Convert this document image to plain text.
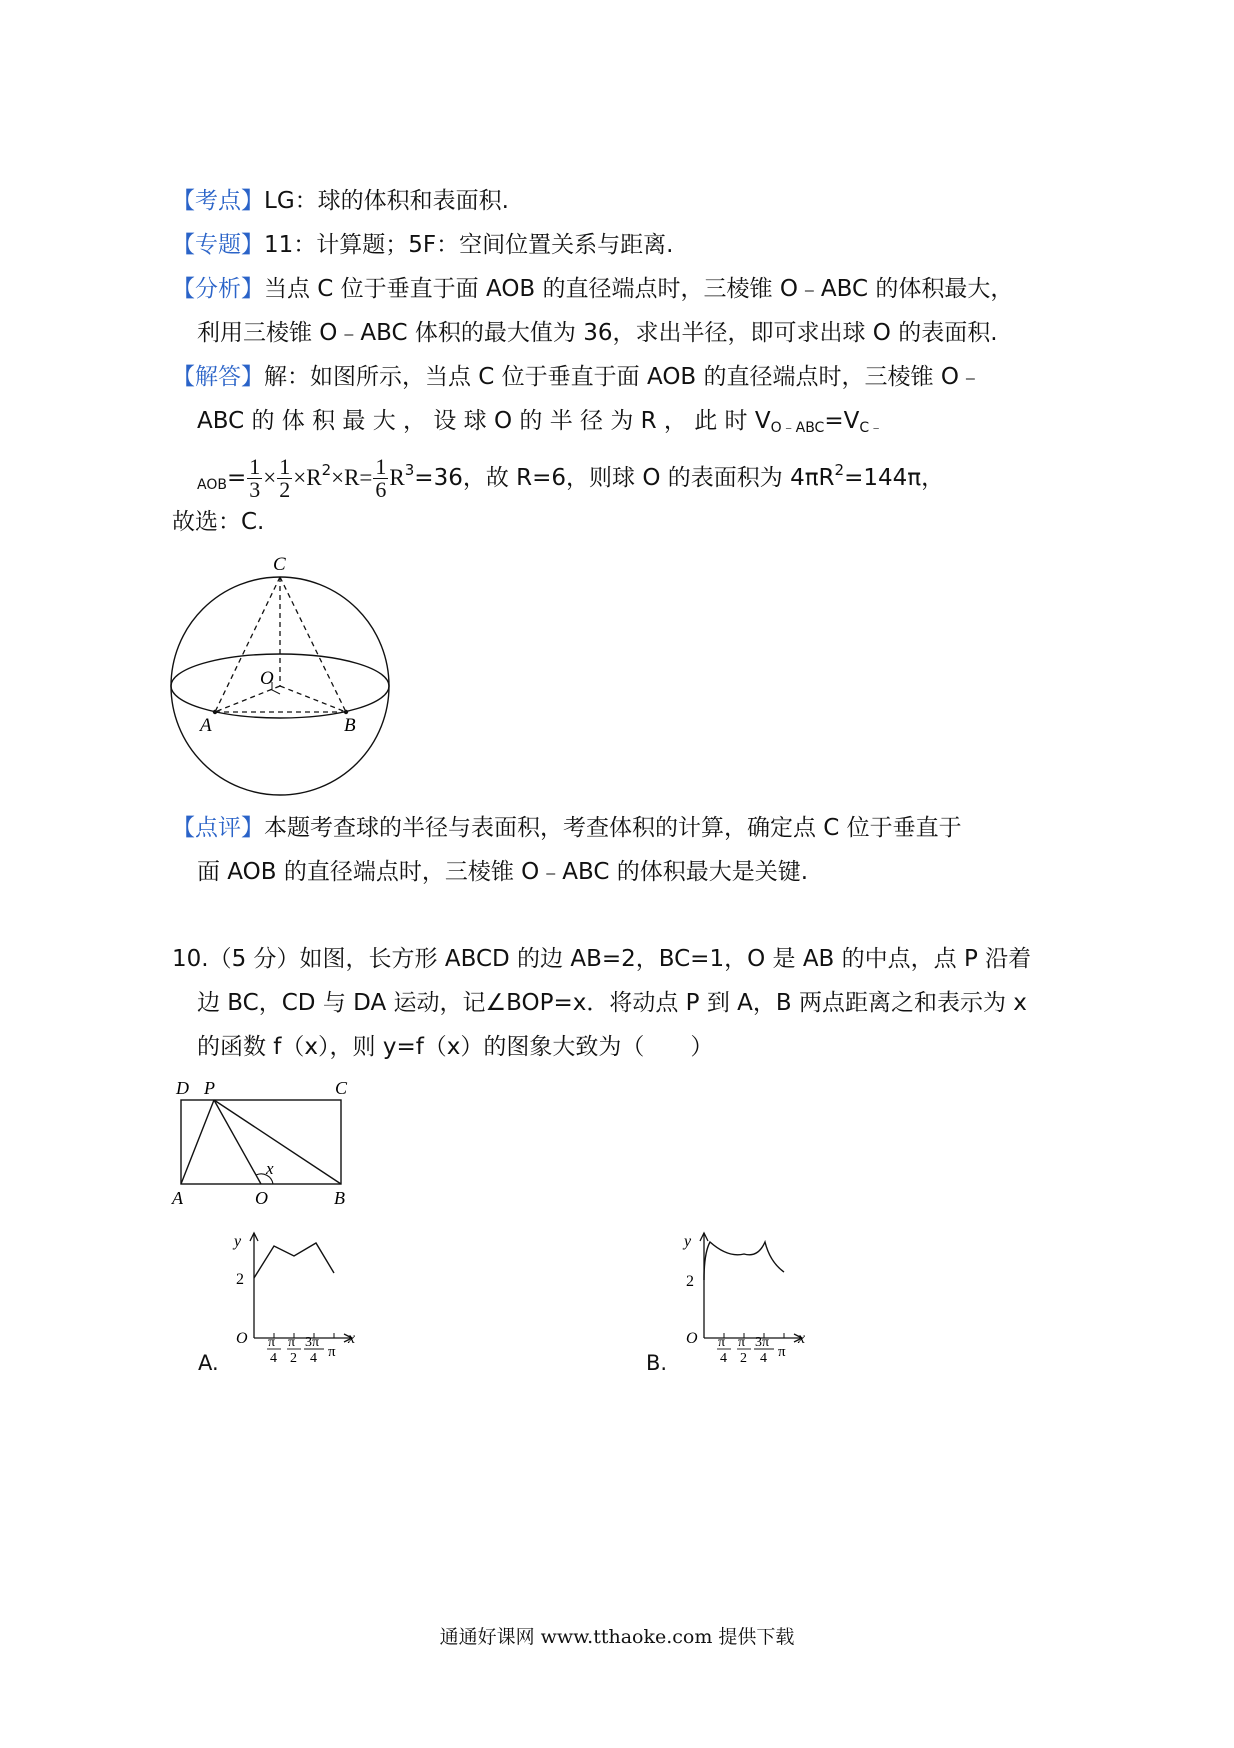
【考点】LG：球的体积和表面积.
【专题】11：计算题；5F：空间位置关系与距离.
【分析】当点 C 位于垂直于面 AOB 的直径端点时，三棱锥 O﹣ABC 的体积最大，
利用三棱锥 O﹣ABC 体积的最大值为 36，求出半径，即可求出球 O 的表面积.
【解答】解：如图所示，当点 C 位于垂直于面 AOB 的直径端点时，三棱锥 O﹣
ABC 的 体 积 最 大 ， 设 球 O 的 半 径 为 R ， 此 时 $V_{O﹣ABC}=V_{C﹣}$
$_{AOB}= \frac{1}{3} \times \frac{1}{2} \times R^2\times R= \frac{1}{6} R^3=36$，故 R=6，则球 O 的表面积为 $4\pi R^2=144\pi$，
故选：C.
C
O
A	B
【点评】本题考查球的半径与表面积，考查体积的计算，确定点 C 位于垂直于
面 AOB 的直径端点时，三棱锥 O﹣ABC 的体积最大是关键.
10.（5 分）如图，长方形 ABCD 的边 AB=2，BC=1，O 是 AB 的中点，点 P 沿着
边 BC，CD 与 DA 运动，记∠BOP=x．将动点 P 到 A，B 两点距离之和表示为 x
的函数 f（x），则 y=f（x）的图象大致为（　　）
D P	C
x
A	O	B
A.
y
2
O	x
π
4
π
2
3π
4 π	B.
y
2
O	x
π
4
π
2
3π
4 π
通通好课网 www.tthaoke.com 提供下载
